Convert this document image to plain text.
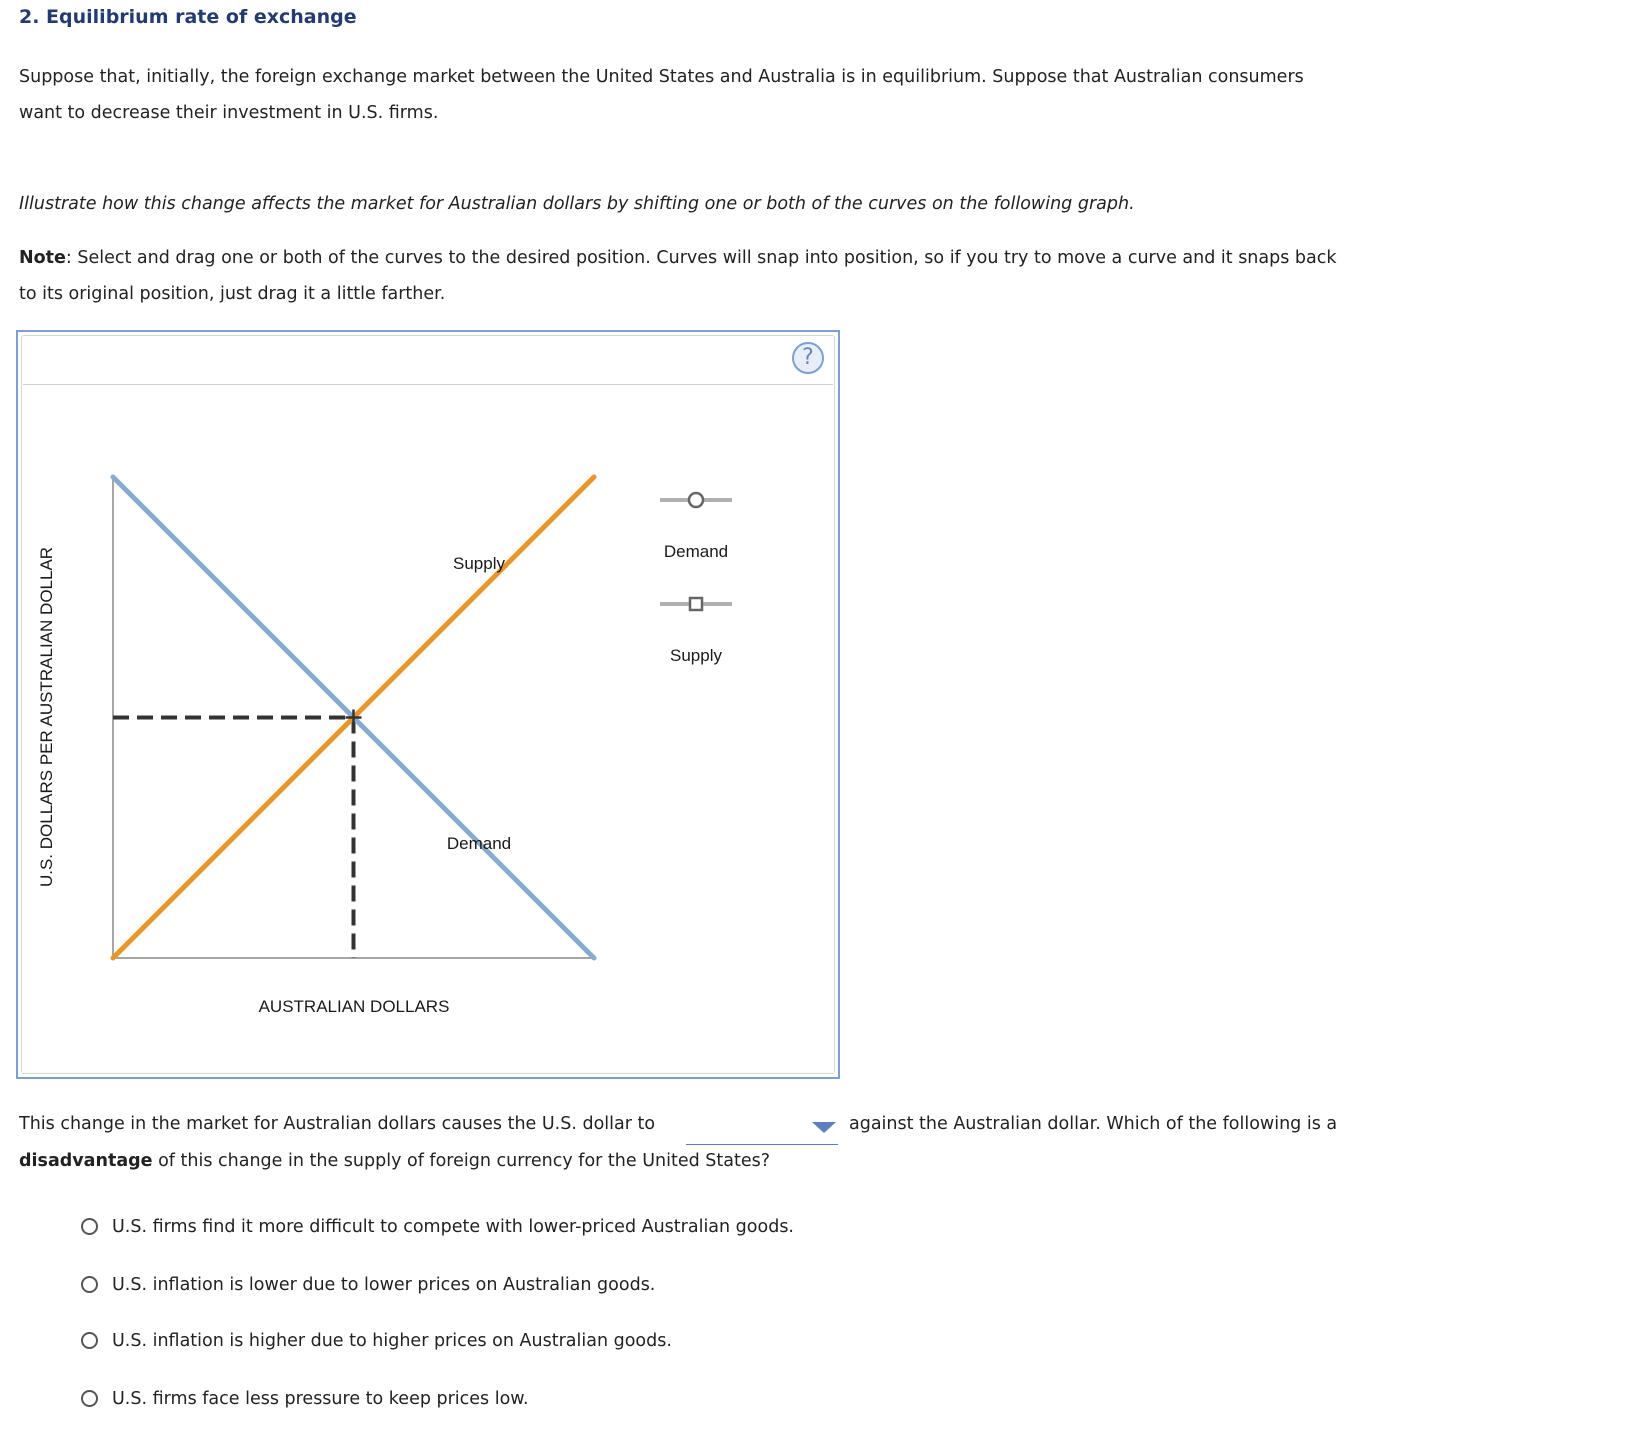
2. Equilibrium rate of exchange

Suppose that, initially, the foreign exchange market between the United States and Australia is in equilibrium. Suppose that Australian consumers

want to decrease their investment in U.S. firms.

Illustrate how this change affects the market for Australian dollars by shifting one or both of the curves on the following graph.

Note: Select and drag one or both of the curves to the desired position. Curves will snap into position, so if you try to move a curve and it snaps back

to its original position, just drag it a little farther.

?
U.S. DOLLARS PER AUSTRALIAN DOLLAR
AUSTRALIAN DOLLARS
Supply
Demand
Demand
Supply

This change in the market for Australian dollars causes the U.S. dollar to	against the Australian dollar. Which of the following is a

disadvantage of this change in the supply of foreign currency for the United States?

U.S. firms find it more difficult to compete with lower-priced Australian goods.
U.S. inflation is lower due to lower prices on Australian goods.
U.S. inflation is higher due to higher prices on Australian goods.
U.S. firms face less pressure to keep prices low.
